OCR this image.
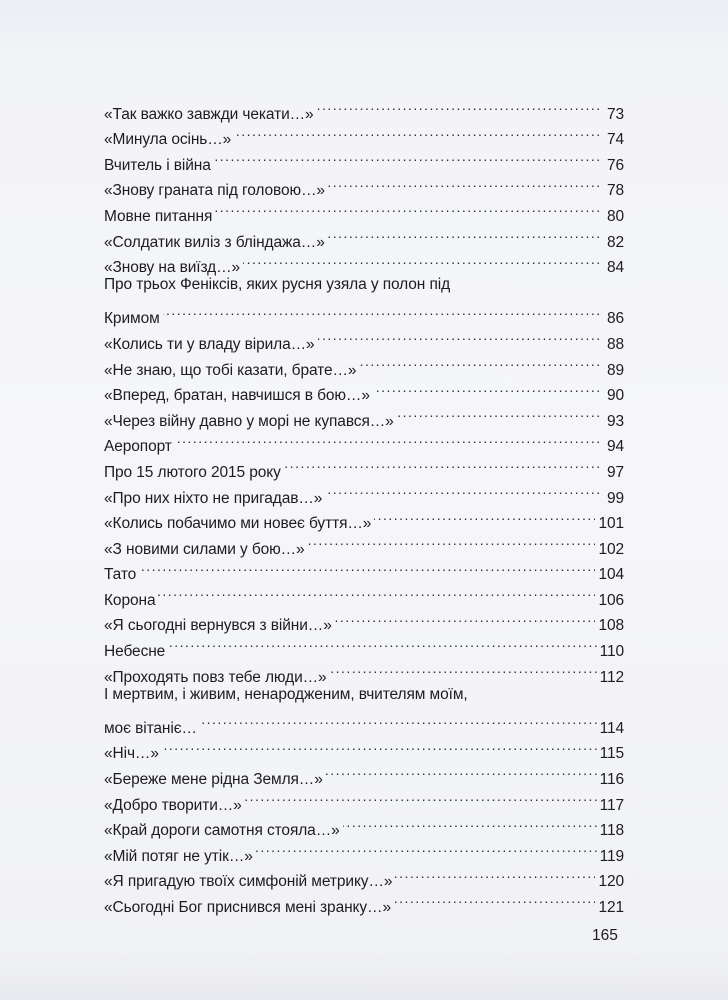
«Так важко завжди чекати…» . . .	73
«Минула осінь…» . . .	74
Вчитель і війна . . .	76
«Знову граната під головою…» . . .	78
Мовне питання . . .	80
«Солдатик виліз з бліндажа…» . . .	82
«Знову на виїзд…» . . .	84
Про трьох Феніксів, яких русня узяла у полон під
Кримом . . .	86
«Колись ти у владу вірила…» . . .	88
«Не знаю, що тобі казати, брате…» . . .	89
«Вперед, братан, навчишся в бою…» . . .	90
«Через війну давно у морі не купався…» . . .	93
Аеропорт . . .	94
Про 15 лютого 2015 року . . .	97
«Про них ніхто не пригадав…» . . .	99
«Колись побачимо ми новеє буття…» . . .	101
«З новими силами у бою…» . . .	102
Тато . . .	104
Корона . . .	106
«Я сьогодні вернувся з війни…» . . .	108
Небесне . . .	110
«Проходять повз тебе люди…» . . .	112
І мертвим, і живим, ненародженим, вчителям моїм,
моє вітаніє… . . .	114
«Ніч…» . . .	115
«Береже мене рідна Земля…» . . .	116
«Добро творити…» . . .	117
«Край дороги самотня стояла…» . . .	118
«Мій потяг не утік…» . . .	119
«Я пригадую твоїх симфоній метрику…» . . .	120
«Сьогодні Бог приснився мені зранку…» . . .	121
165
